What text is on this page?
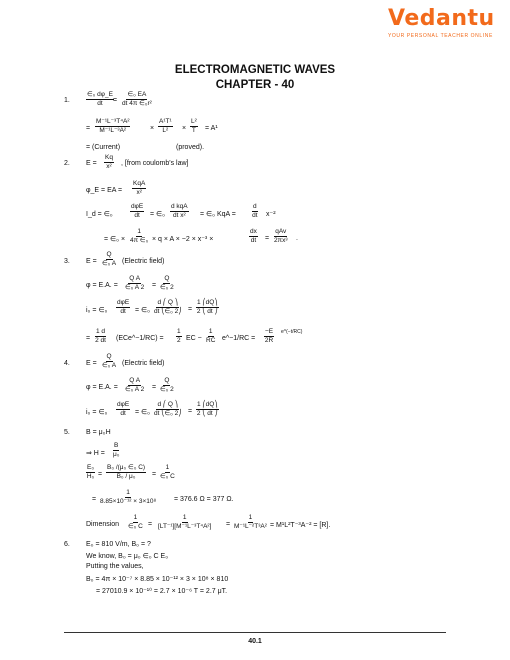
Vedantu
YOUR PERSONAL TEACHER ONLINE
ELECTROMAGNETIC WAVES
CHAPTER - 40
1. $\frac{\text{∈₀ dφ\_E}}{dt} = \frac{\text{∈₀ EA}}{\text{dt 4π ∈₀r²}}$
= $\frac{\text{M⁻¹L⁻³T⁴A²}}{\text{M⁻¹L⁻³A²}}$	× $\frac{\text{A¹T¹}}{\text{L²}} \times \frac{\text{L²}}{T} = A^1$
= (Current)	(proved).
2. $E = \frac{Kq}{\text{x²}}$ , [from coulomb's law]
φ_E = EA =
KqA
x²
I_d = ∈₀
dφE
dt = ∈₀
d kqA
dt x² = ∈₀ KqA = $\frac{d}{dt} x^{-2}$
= ∈₀ × $\frac{1}{\text{4π ∈₀}} \times q \times A \times -2 \times x^{-3}$ ×	$\frac{dx}{dt}$ =
qAv
2πx³ .
3. $E = \frac{Q}{\text{∈₀ A}}$ (Electric field)
φ = E.A. = $\frac{\text{Q A}}{\text{∈₀ A 2}} = \frac{Q}{\text{∈₀ 2}}$
i₀ = ∈₀
dφE
dt = ∈₀ $\frac{d ⎛ Q ⎞}{\text{dt ⎝∈₀ 2⎠}} = \frac{1 ⎛dQ⎞}{2 ⎝ dt ⎠}$
= $\frac{1 d}{2 dt}$ (ECe^−1/RC) = $\frac{1}{2}$ EC − $\frac{1}{RC}$ e^−1/RC = $\frac{-E}{2R}$ e^(−t/RC)
4. $E = \frac{Q}{\text{∈₀ A}}$ (Electric field)
φ = E.A. = $\frac{\text{Q A}}{\text{∈₀ A 2}} = \frac{Q}{\text{∈₀ 2}}$
i₀ = ∈₀
dφE
dt = ∈₀ $\frac{d ⎛ Q ⎞}{\text{dt ⎝∈₀ 2⎠}} = \frac{1 ⎛dQ⎞}{2 ⎝ dt ⎠}$
5. B = μ₀H
⇒ $H = \frac{B}{\text{μ₀}}$
$\frac{\text{E₀}}{\text{H₀}} = \frac{\text{B₀ /(μ₀ ∈₀ C)}}{\text{B₀ / μ₀}} = \frac{1}{\text{∈₀ C}}$
= $\frac{1}{\text{8.85×10⁻¹² × 3×10⁸}}$	= 376.6 Ω = 377 Ω.
Dimension $\frac{1}{\text{∈₀ C}} = \frac{1}{\text{[LT⁻¹][M⁻¹L⁻³T⁴A²]}} = \frac{1}{\text{M⁻¹L⁻²T³A²}} = M^1L^2T^{-3}A^{-2} = [R]$.
6. E₀ = 810 V/m, B₀ = ?
We know, B₀ = μ₀ ∈₀ C E₀
Putting the values,
B₀ = 4π × 10⁻⁷ × 8.85 × 10⁻¹² × 3 × 10⁸ × 810
= 27010.9 × 10⁻¹⁰ = 2.7 × 10⁻⁶ T = 2.7 μT.
40.1
